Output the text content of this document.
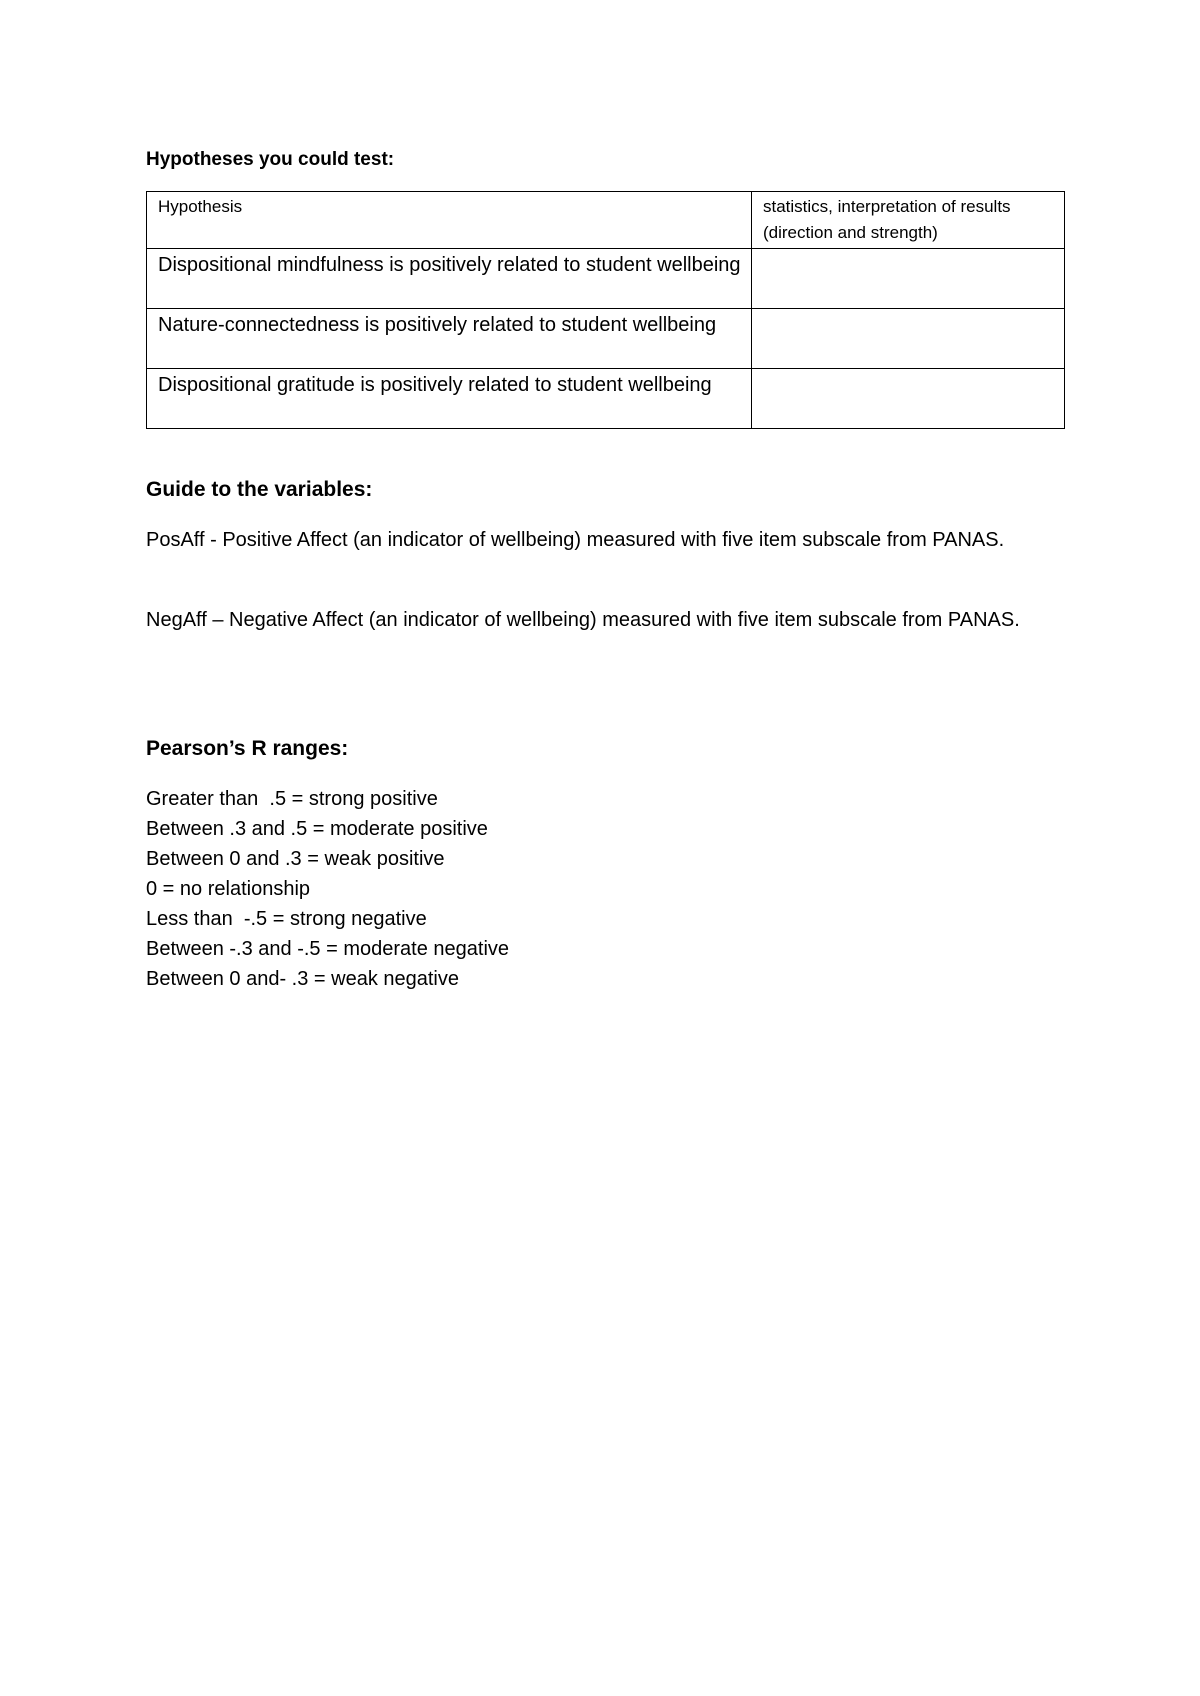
Hypotheses you could test:

Hypothesis	statistics, interpretation of results (direction and strength)
Dispositional mindfulness is positively related to student wellbeing	
Nature-connectedness is positively related to student wellbeing	
Dispositional gratitude is positively related to student wellbeing	

Guide to the variables:

PosAff - Positive Affect (an indicator of wellbeing) measured with five item subscale from PANAS.

NegAff – Negative Affect (an indicator of wellbeing) measured with five item subscale from PANAS.

Pearson’s R ranges:

Greater than  .5 = strong positive
Between .3 and .5 = moderate positive
Between 0 and .3 = weak positive
0 = no relationship
Less than  -.5 = strong negative
Between -.3 and -.5 = moderate negative
Between 0 and- .3 = weak negative
